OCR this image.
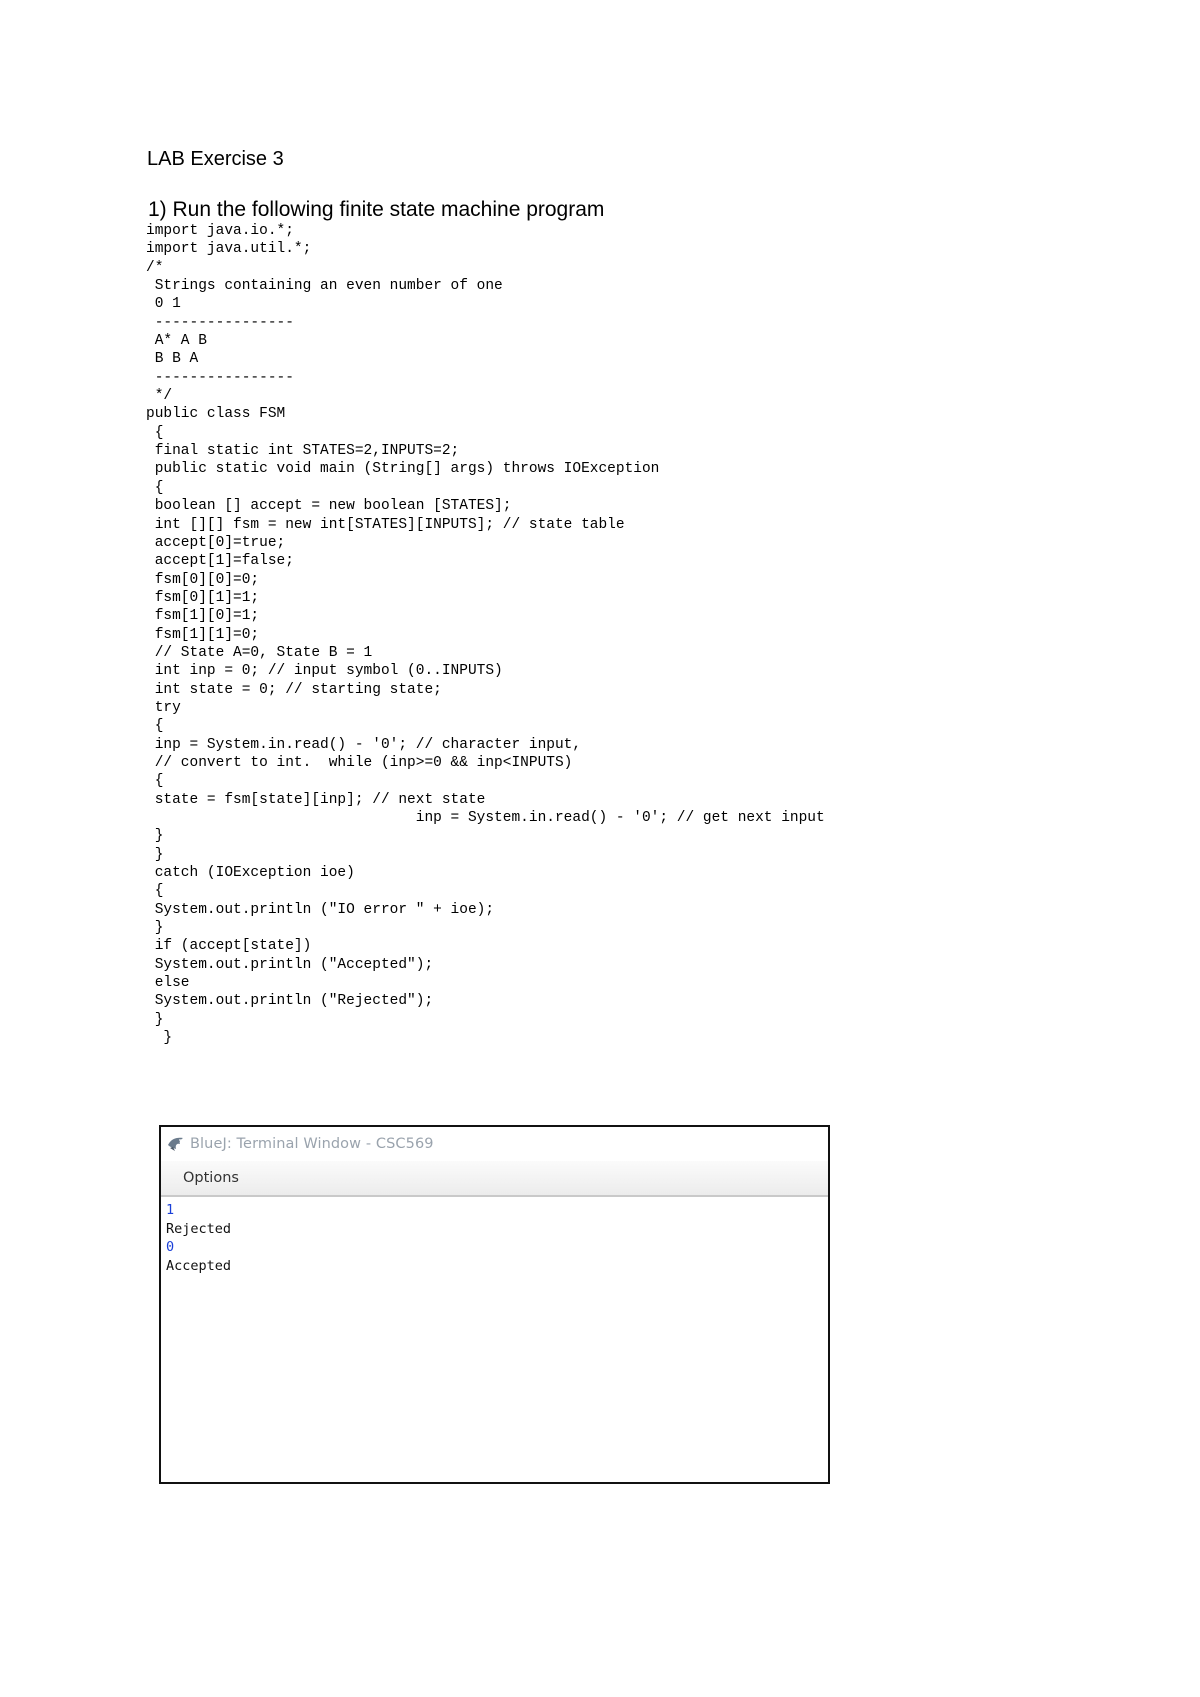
LAB Exercise 3
1) Run the following finite state machine program
import java.io.*;
import java.util.*;
/*
Strings containing an even number of one
0 1
----------------
A* A B
B B A
----------------
*/
public class FSM
{
final static int STATES=2,INPUTS=2;
public static void main (String[] args) throws IOException
{
boolean [] accept = new boolean [STATES];
int [][] fsm = new int[STATES][INPUTS]; // state table
accept[0]=true;
accept[1]=false;
fsm[0][0]=0;
fsm[0][1]=1;
fsm[1][0]=1;
fsm[1][1]=0;
// State A=0, State B = 1
int inp = 0; // input symbol (0..INPUTS)
int state = 0; // starting state;
try
{
inp = System.in.read() - '0'; // character input,
// convert to int.  while (inp>=0 && inp<INPUTS)
{
state = fsm[state][inp]; // next state
inp = System.in.read() - '0'; // get next input
}
}
catch (IOException ioe)
{
System.out.println ("IO error " + ioe);
}
if (accept[state])
System.out.println ("Accepted");
else
System.out.println ("Rejected");
}
}
BlueJ: Terminal Window - CSC569
Options
1
Rejected
0
Accepted
